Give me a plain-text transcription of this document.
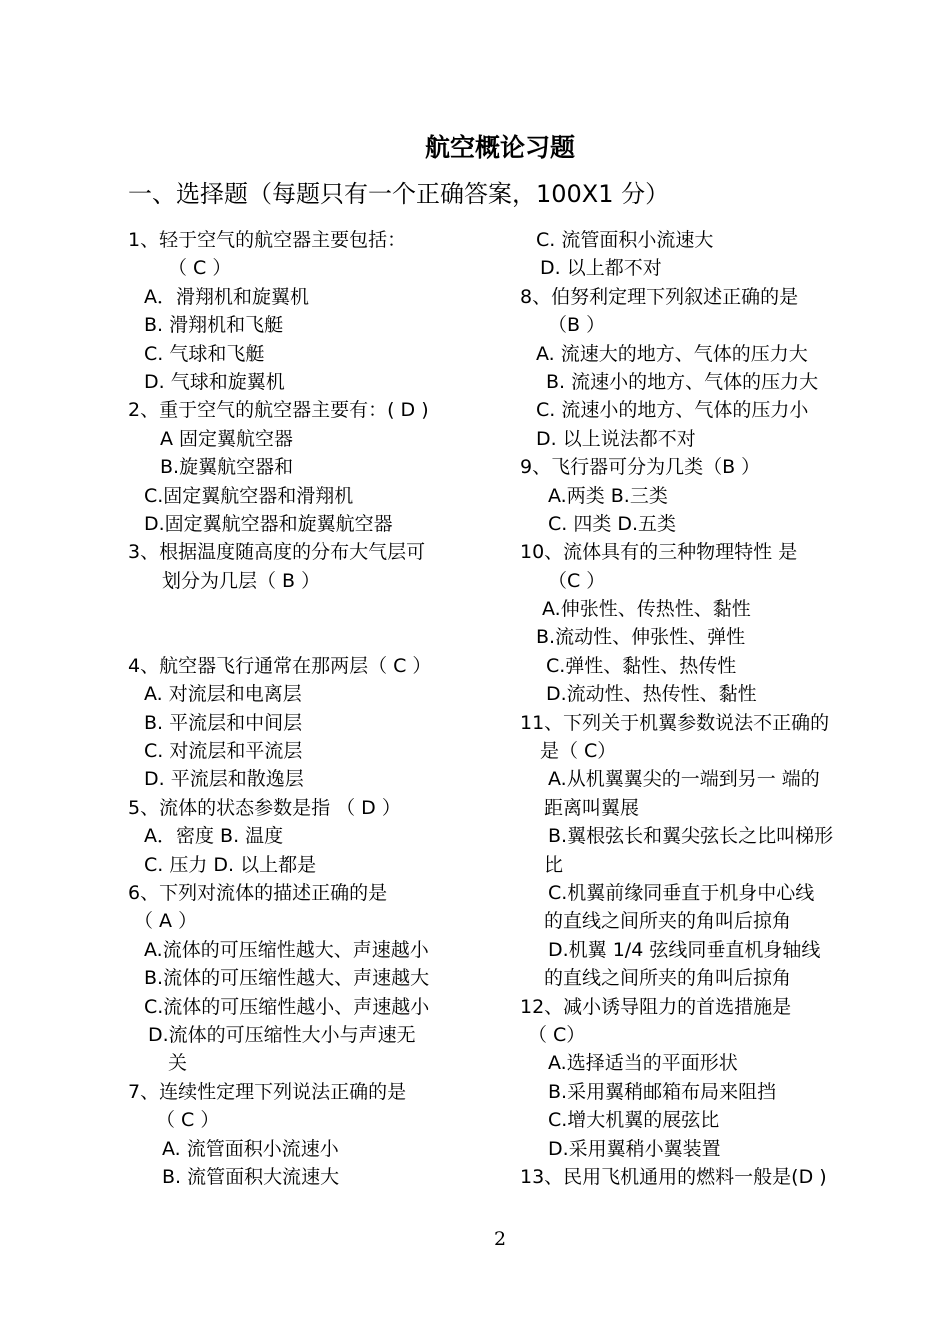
航空概论习题
一、选择题（每题只有一个正确答案，100X1 分）
1、轻于空气的航空器主要包括：
（ C ）
A．滑翔机和旋翼机
B. 滑翔机和飞艇
C. 气球和飞艇
D. 气球和旋翼机
2、重于空气的航空器主要有：( D )
A 固定翼航空器
B.旋翼航空器和
C.固定翼航空器和滑翔机
D.固定翼航空器和旋翼航空器
3、根据温度随高度的分布大气层可
划分为几层（ B ）
4、航空器飞行通常在那两层（ C ）
A. 对流层和电离层
B. 平流层和中间层
C. 对流层和平流层
D. 平流层和散逸层
5、流体的状态参数是指 （ D ）
A．密度 B. 温度
C. 压力 D. 以上都是
6、下列对流体的描述正确的是
（ A ）
A.流体的可压缩性越大、声速越小
B.流体的可压缩性越大、声速越大
C.流体的可压缩性越小、声速越小
D.流体的可压缩性大小与声速无
关
7、连续性定理下列说法正确的是
（ C ）
A. 流管面积小流速小
B. 流管面积大流速大
C. 流管面积小流速大
D. 以上都不对
8、伯努利定理下列叙述正确的是
（B ）
A. 流速大的地方、气体的压力大
B. 流速小的地方、气体的压力大
C. 流速小的地方、气体的压力小
D. 以上说法都不对
9、飞行器可分为几类（B ）
A.两类 B.三类
C. 四类 D.五类
10、流体具有的三种物理特性 是
（C ）
A.伸张性、传热性、黏性
B.流动性、伸张性、弹性
C.弹性、黏性、热传性
D.流动性、热传性、黏性
11、下列关于机翼参数说法不正确的
是（ C）
A.从机翼翼尖的一端到另一 端的
距离叫翼展
B.翼根弦长和翼尖弦长之比叫梯形
比
C.机翼前缘同垂直于机身中心线
的直线之间所夹的角叫后掠角
D.机翼 1/4 弦线同垂直机身轴线
的直线之间所夹的角叫后掠角
12、减小诱导阻力的首选措施是
（ C）
A.选择适当的平面形状
B.采用翼稍邮箱布局来阻挡
C.增大机翼的展弦比
D.采用翼稍小翼装置
13、民用飞机通用的燃料一般是(D )
2
